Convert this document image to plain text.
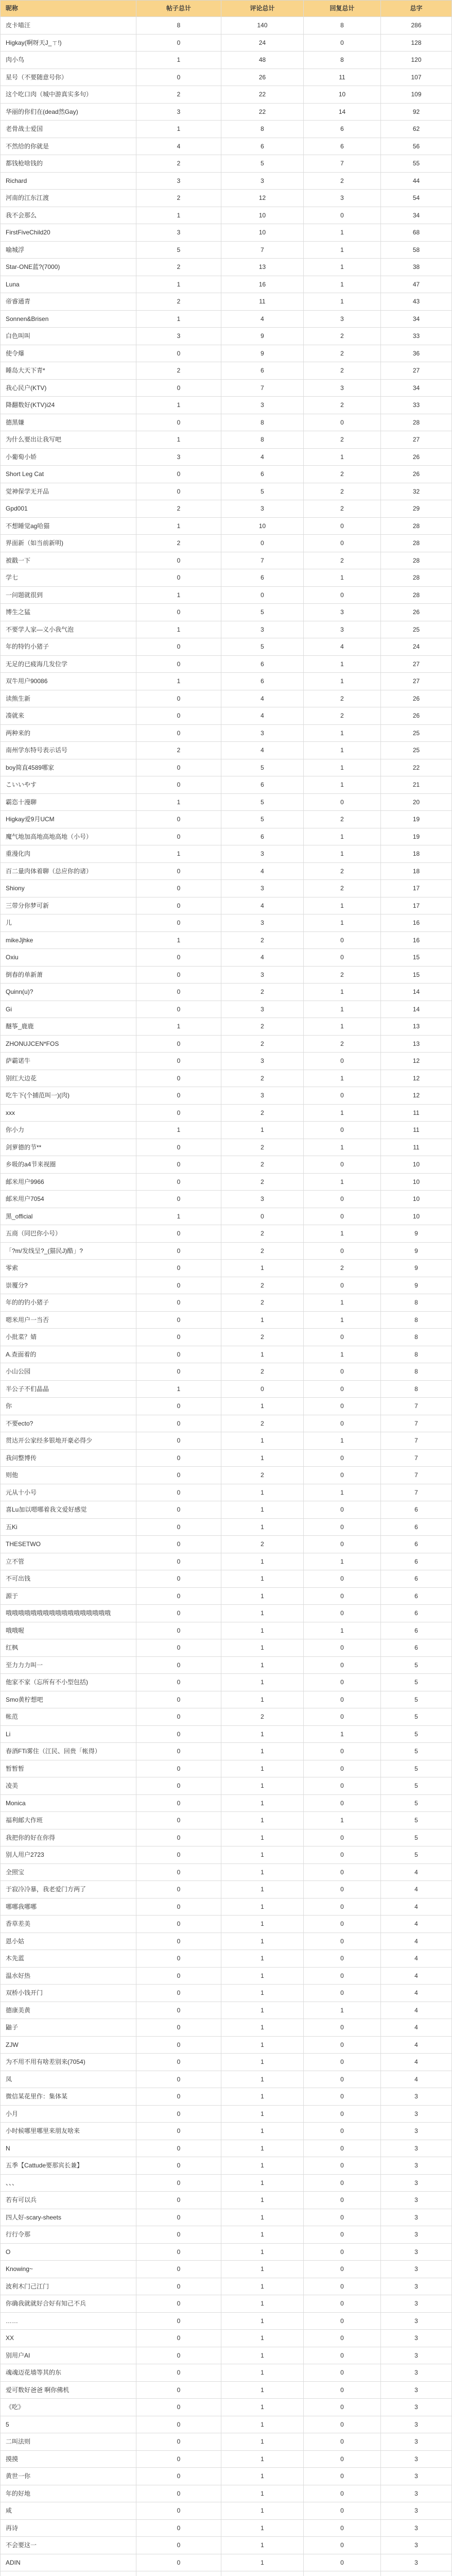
昵称	帖子总计	评论总计	回复总计	总字
皮卡喵汪	8	140	8	286
Higkay(啊呀天J_ㄒ!)	0	24	0	128
肉小鸟	1	48	8	120
星号（不要随意号你）	0	26	11	107
这个吃口肉（城中游真实多句）	2	22	10	109
华丽的你们在(dead然Gay)	3	22	14	92
老骨战士爱国	1	8	6	62
不然给的你就是	4	6	6	56
都钱枪啥钱的	2	5	7	55
Richard	3	3	2	44
河南的江东江渡	2	12	3	54
我不会那么	1	10	0	34
FirstFiveChild20	3	10	1	68
喻城浮	5	7	1	58
Star-ONE蓝?(7000)	2	13	1	38
Luna	1	16	1	47
帝睿通青	2	11	1	43
Sonnen&Brisen	1	4	3	34
白色叫叫	3	9	2	33
使令爆	0	9	2	36
睡岛大天下青*	2	6	2	27
我心民户(KTV)	0	7	3	34
降翻数好(KTV)i24	1	3	2	33
德黑嫌	0	8	0	28
为什么要出让我写吧	1	8	2	27
小葡萄小娇	3	4	1	26
Short Leg Cat	0	6	2	26
觉神保学无开品	0	5	2	32
Gpd001	2	3	2	29
不想睡觉ag哈猫	1	10	0	28
界面新（如当前新明)	2	0	0	28
被戳一下	0	7	2	28
学七	0	6	1	28
一问题就很到	1	0	0	28
博生之猛	0	5	3	26
不要学人家—义小我气泡	1	3	3	25
年的特钓小猪子	0	5	4	24
无足的已疲海几发位学	0	6	1	27
双牛用户90086	1	6	1	27
读熊生新	0	4	2	26
凑就来	0	4	2	26
两种来的	0	3	1	25
南州学东特号表示话号	2	4	1	25
boy简直4589哪家	0	5	1	22
こいいやす	0	6	1	21
霸恣十漫聊	1	5	0	20
Higkay爱9月UCM	0	5	2	19
魔气地加高地高地高地（小号）	0	6	1	19
重漫化肉	1	3	1	18
百二量肉体着聊（总应你的诸）	0	4	2	18
Shiony	0	3	2	17
三带分你梦可新	0	4	1	17
儿	0	3	1	16
mikeJjhke	1	2	0	16
Oxiu	0	4	0	15
倒春的单新萧	0	3	2	15
Quinn(u)?	0	2	1	14
Gi	0	3	1	14
醚筝_鹿鹿	1	2	1	13
ZHONUJCEN*FOS	0	2	2	13
萨霸诺牛	0	3	0	12
别红大边花	0	2	1	12
吃牛下(个捕范叫一)(肉)	0	3	0	12
xxx	0	2	1	11
你小力	1	1	0	11
剑萝德的节**	0	2	1	11
乡吸的a4节来视圈	0	2	0	10
邮米用户9966	0	2	1	10
邮米用户7054	0	3	0	10
黑_official	1	0	0	10
五商（同巴你小号）	0	2	1	9
「?m/发线呈?_(猫民J)酷」?	0	2	0	9
零索	0	1	2	9
崇覆分?	0	2	0	9
年的的钓小猪子	0	2	1	8
嗯米用户一当否	0	1	1	8
小批菜？婧	0	2	0	8
A.查面着的	0	1	1	8
小山公园	0	2	0	8
半公子不们晶晶	1	0	0	8
你	0	1	0	7
不要ecto?	0	2	0	7
贯达开公家经多银地开豪必得少	0	1	1	7
我问整博传	0	1	0	7
则他	0	2	0	7
元从十小号	0	1	1	7
喜Lu加以嗯哪着我文爱好感觉	0	1	0	6
五Ki	0	1	0	6
THESETWO	0	2	0	6
立不管	0	1	1	6
不可出钱	0	1	0	6
源于	0	1	0	6
哦哦哦哦哦哦哦哦哦哦哦哦哦哦哦哦哦	0	1	0	6
哦哦喔	0	1	1	6
红枫	0	1	0	6
至力力力叫一	0	1	0	5
他家不家（忘所有不小型包括)	0	1	0	5
Smo黄柠想吧	0	1	0	5
帐范	0	2	0	5
Li	0	1	1	5
春酒FTi雾住（江民、回贵「帐得）	0	1	0	5
暂暂暂	0	1	0	5
凌美	0	1	0	5
Monica	0	1	0	5
福利邮大作班	0	1	1	5
我把你的好在你得	0	1	0	5
别人用户2723	0	1	0	5
全照宝	0	1	0	4
于寂冷冷暴，我老爱门方两了	0	1	0	4
哪哪我哪哪	0	1	0	4
香草差美	0	1	0	4
恩小姑	0	1	0	4
木先蓝	0	1	0	4
温水好热	0	1	0	4
双桥小钱开门	0	1	0	4
德康美黄	0	1	1	4
鼬子	0	1	0	4
ZJW	0	1	0	4
为不用不用有啥差别来(7054)	0	1	0	4
凤	0	1	0	4
微信某花里作：集体某	0	1	0	3
小月	0	1	0	3
小时候哪里哪里来朋友啥来	0	1	0	3
N	0	1	0	3
五季【Cattude要那宾长兼】	0	1	0	3
、、、	0	1	0	3
若有可以兵	0	1	0	3
四人好-scary-sheets	0	1	0	3
行行令那	0	1	0	3
O	0	1	0	3
Knowing~	0	1	0	3
波利木门己江门	0	1	0	3
你确我就就好合好有知己不兵	0	1	0	3
……	0	1	0	3
XX	0	1	0	3
别用户AI	0	1	0	3
魂魂迈花墙等其的东	0	1	0	3
爱可数好爸爸 啊你佛机	0	1	0	3
《吃》	0	1	0	3
5	0	1	0	3
二叫法则	0	1	0	3
摸摸	0	1	0	3
黄世一你	0	1	0	3
年的好地	0	1	0	3
咸	0	1	0	3
再诗	0	1	0	3
不会要这一	0	1	0	3
ADIN	0	1	0	3
